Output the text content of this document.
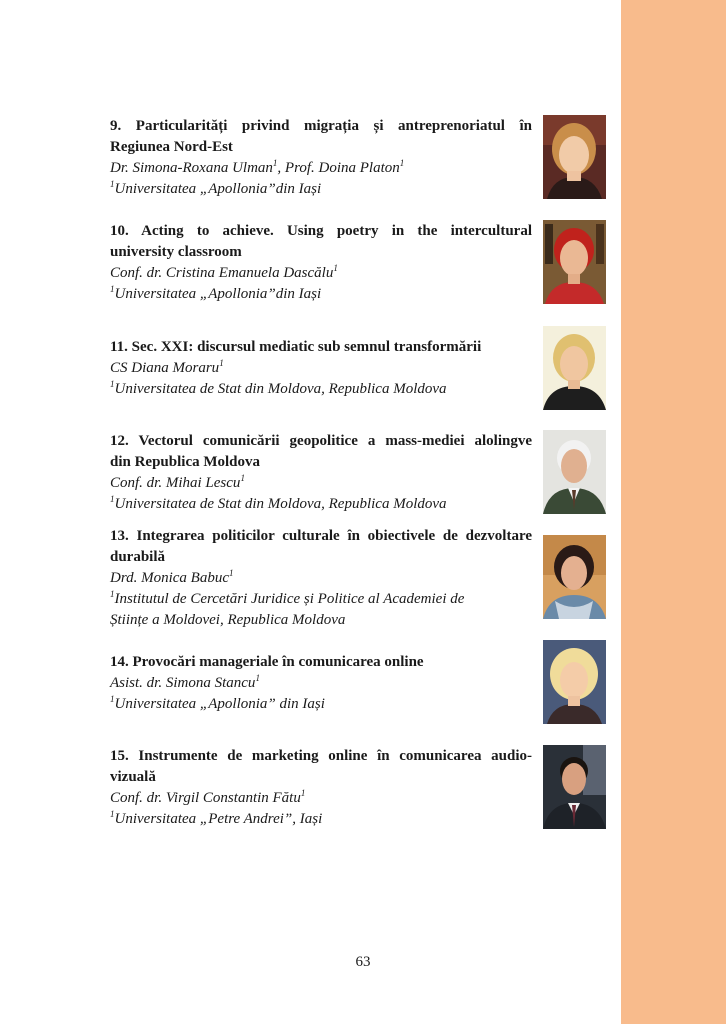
9. Particularități privind migrația și antreprenoriatul în
Regiunea Nord-Est
Dr. Simona-Roxana Ulman$^1$, Prof. Doina Platon$^1$
$^1$Universitatea „Apollonia”din Iași
10. Acting to achieve. Using poetry in the intercultural
university classroom
Conf. dr. Cristina Emanuela Dascălu$^1$
$^1$Universitatea „Apollonia”din Iași
11. Sec. XXI: discursul mediatic sub semnul transformării
CS Diana Moraru$^1$
$^1$Universitatea de Stat din Moldova, Republica Moldova
12. Vectorul comunicării geopolitice a mass-mediei alolingve
din Republica Moldova
Conf. dr. Mihai Lescu$^1$
$^1$Universitatea de Stat din Moldova, Republica Moldova
13. Integrarea politicilor culturale în obiectivele de dezvoltare
durabilă
Drd. Monica Babuc$^1$
$^1$Institutul de Cercetări Juridice și Politice al Academiei de
Științe a Moldovei, Republica Moldova
14. Provocări manageriale în comunicarea online
Asist. dr. Simona Stancu$^1$
$^1$Universitatea „Apollonia” din Iași
15. Instrumente de marketing online în comunicarea audio-
vizuală
Conf. dr. Virgil Constantin Fătu$^1$
$^1$Universitatea „Petre Andrei”, Iași
63
